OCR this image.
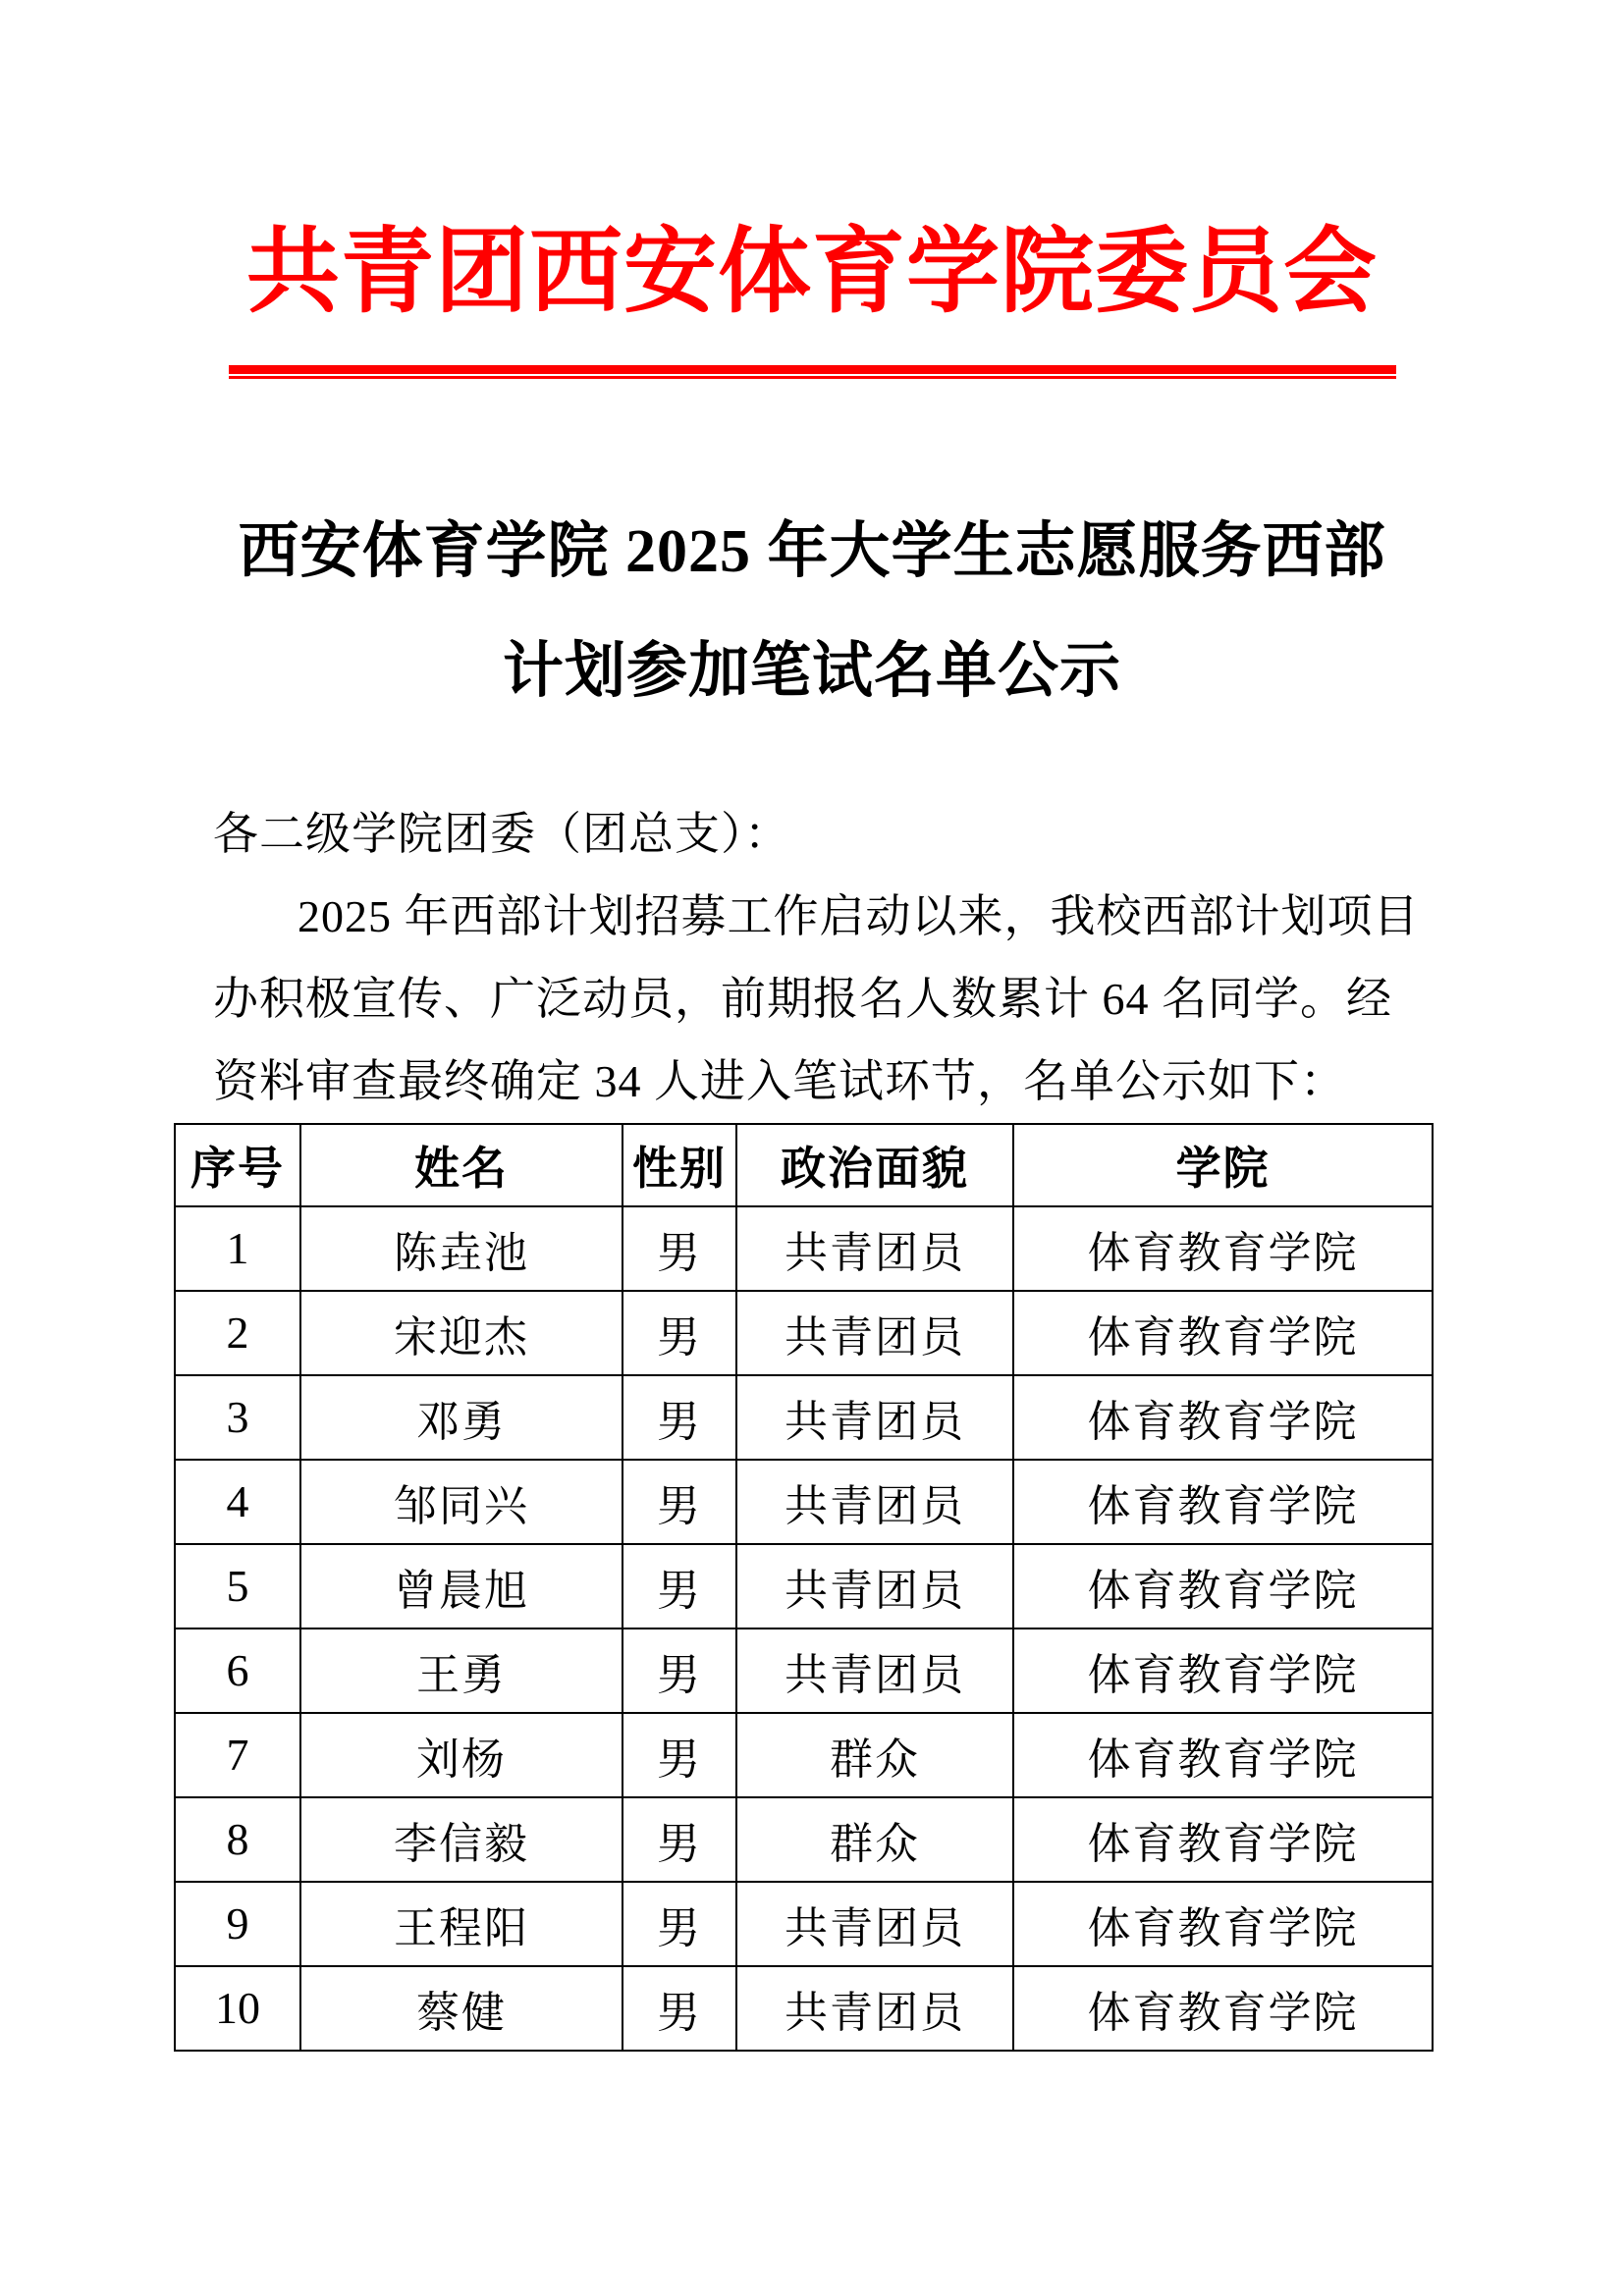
共青团西安体育学院委员会
西安体育学院 2025 年大学生志愿服务西部
计划参加笔试名单公示
各二级学院团委（团总支）：
2025 年西部计划招募工作启动以来，我校西部计划项目
办积极宣传、广泛动员，前期报名人数累计 64 名同学。经
资料审查最终确定 34 人进入笔试环节，名单公示如下：
序号	姓名	性别	政治面貌	学院
1	陈垚池	男	共青团员	体育教育学院
2	宋迎杰	男	共青团员	体育教育学院
3	邓勇	男	共青团员	体育教育学院
4	邹同兴	男	共青团员	体育教育学院
5	曾晨旭	男	共青团员	体育教育学院
6	王勇	男	共青团员	体育教育学院
7	刘杨	男	群众	体育教育学院
8	李信毅	男	群众	体育教育学院
9	王程阳	男	共青团员	体育教育学院
10	蔡健	男	共青团员	体育教育学院
